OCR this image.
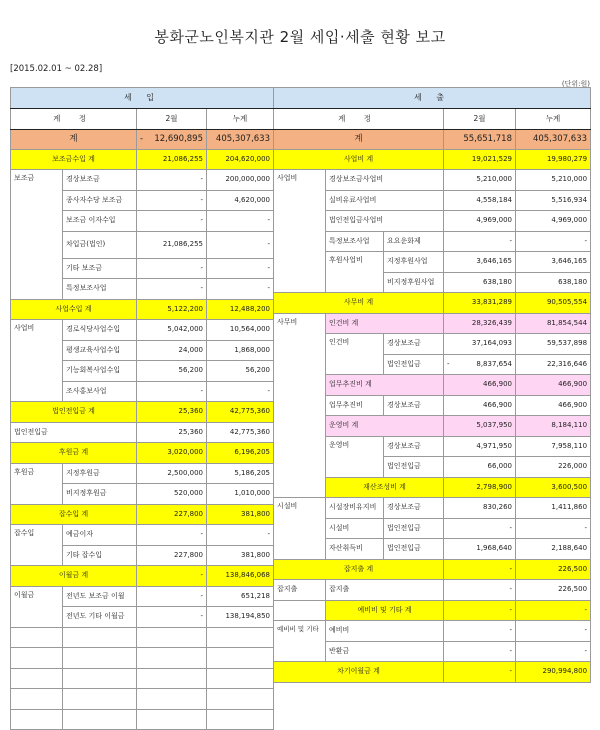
봉화군노인복지관 2월 세입·세출 현황 보고
[2015.02.01 ~ 02.28]
(단위:원)
세 입			
계 정		2월	누계
계		- 12,690,895	405,307,633
보조금수입 계		21,086,255	204,620,000
보조금	경상보조금	-	200,000,000
	종사자수당 보조금	-	4,620,000
	보조금 이자수입	-	-
	차입금(법인)	21,086,255	-
	기타 보조금	-	-
	특정보조사업	-	-
사업수입 계		5,122,200	12,488,200
사업비	경로식당사업수입	5,042,000	10,564,000
	평생교육사업수입	24,000	1,868,000
	기능회복사업수입	56,200	56,200
	조사홍보사업	-	-
법인전입금 계		25,360	42,775,360
법인전입금		25,360	42,775,360
후원금 계		3,020,000	6,196,205
후원금	지정후원금	2,500,000	5,186,205
	비지정후원금	520,000	1,010,000
잡수입 계		227,800	381,800
잡수입	예금이자	-	-
	기타 잡수입	227,800	381,800
이월금 계		-	138,846,068
이월금	전년도 보조금 이월	-	651,218
	전년도 기타 이월금	-	138,194,850

세 출				
계 정			2월	누계
계			55,651,718	405,307,633
사업비 계			19,021,529	19,980,279
사업비	경상보조금사업비		5,210,000	5,210,000
	실비유료사업비		4,558,184	5,516,934
	법인전입금사업비		4,969,000	4,969,000
	특정보조사업	요요운화제	-	-
	후원사업비	지정후원사업	3,646,165	3,646,165
		비지정후원사업	638,180	638,180
사무비 계			33,831,289	90,505,554
사무비	인건비 계		28,326,439	81,854,544
	인건비	경상보조금	37,164,093	59,537,898
		법인전입금	- 8,837,654	22,316,646
	업무추진비 계		466,900	466,900
	업무추진비	경상보조금	466,900	466,900
	운영비 계		5,037,950	8,184,110
	운영비	경상보조금	4,971,950	7,958,110
		법인전입금	66,000	226,000
	재산조성비 계		2,798,900	3,600,500
시설비	시설장비유지비	경상보조금	830,260	1,411,860
	시설비	법인전입금	-	-
	자산취득비	법인전입금	1,968,640	2,188,640
잡지출 계			-	226,500
잡지출	잡지출		-	226,500
	예비비 및 기타 계		-	-
예비비 및 기타	예비비		-	-
	반환금		-	-
차기이월금 계			-	290,994,800
